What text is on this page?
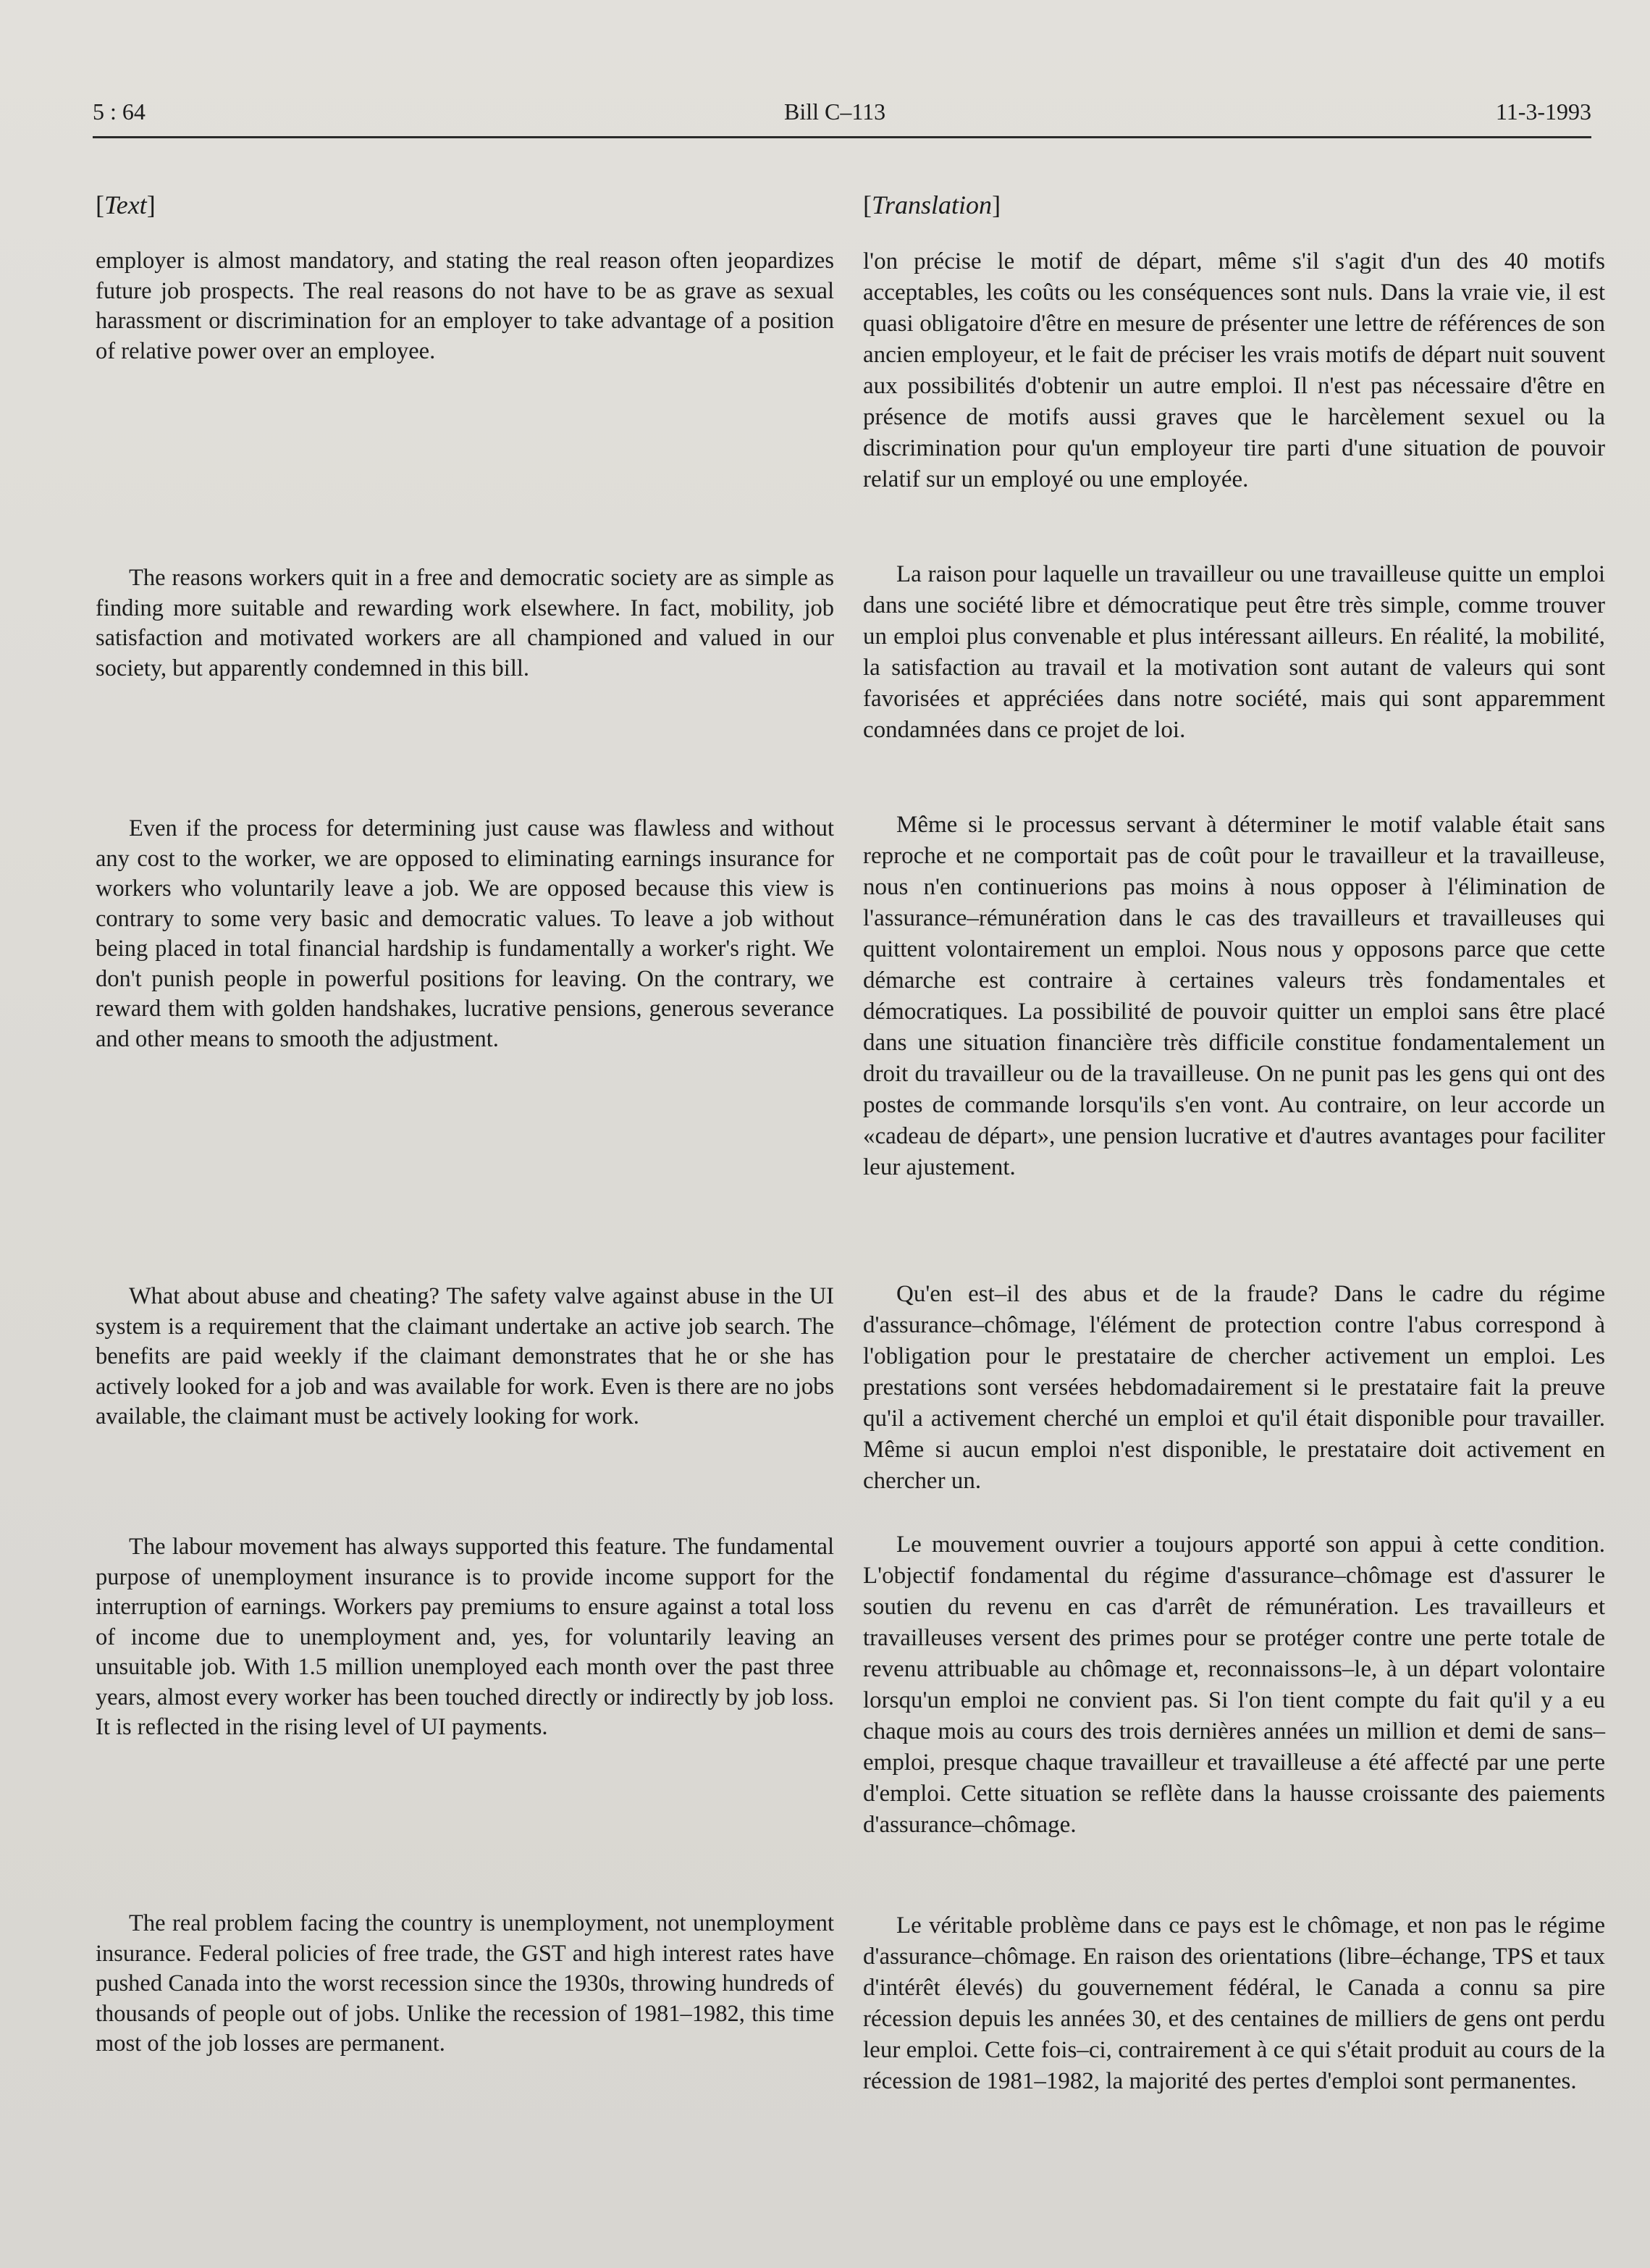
5 : 64	Bill C–113	11-3-1993
[ Text ]

employer is almost mandatory, and stating the real reason often jeopardizes future job prospects. The real reasons do not have to be as grave as sexual harassment or discrimination for an employer to take advantage of a position of relative power over an employee.

The reasons workers quit in a free and democratic society are as simple as finding more suitable and rewarding work elsewhere. In fact, mobility, job satisfaction and motivated workers are all championed and valued in our society, but apparently condemned in this bill.

Even if the process for determining just cause was flawless and without any cost to the worker, we are opposed to eliminating earnings insurance for workers who voluntarily leave a job. We are opposed because this view is contrary to some very basic and democratic values. To leave a job without being placed in total financial hardship is fundamentally a worker's right. We don't punish people in powerful positions for leaving. On the contrary, we reward them with golden handshakes, lucrative pensions, generous severance and other means to smooth the adjustment.

What about abuse and cheating? The safety valve against abuse in the UI system is a requirement that the claimant undertake an active job search. The benefits are paid weekly if the claimant demonstrates that he or she has actively looked for a job and was available for work. Even is there are no jobs available, the claimant must be actively looking for work.

The labour movement has always supported this feature. The fundamental purpose of unemployment insurance is to provide income support for the interruption of earnings. Workers pay premiums to ensure against a total loss of income due to unemployment and, yes, for voluntarily leaving an unsuitable job. With 1.5 million unemployed each month over the past three years, almost every worker has been touched directly or indirectly by job loss. It is reflected in the rising level of UI payments.

The real problem facing the country is unemployment, not unemployment insurance. Federal policies of free trade, the GST and high interest rates have pushed Canada into the worst recession since the 1930s, throwing hundreds of thousands of people out of jobs. Unlike the recession of 1981–1982, this time most of the job losses are permanent.

[ Translation ]

l'on précise le motif de départ, même s'il s'agit d'un des 40 motifs acceptables, les coûts ou les conséquences sont nuls. Dans la vraie vie, il est quasi obligatoire d'être en mesure de présenter une lettre de références de son ancien employeur, et le fait de préciser les vrais motifs de départ nuit souvent aux possibilités d'obtenir un autre emploi. Il n'est pas nécessaire d'être en présence de motifs aussi graves que le harcèlement sexuel ou la discrimination pour qu'un employeur tire parti d'une situation de pouvoir relatif sur un employé ou une employée.

La raison pour laquelle un travailleur ou une travailleuse quitte un emploi dans une société libre et démocratique peut être très simple, comme trouver un emploi plus convenable et plus intéressant ailleurs. En réalité, la mobilité, la satisfaction au travail et la motivation sont autant de valeurs qui sont favorisées et appréciées dans notre société, mais qui sont apparemment condamnées dans ce projet de loi.

Même si le processus servant à déterminer le motif valable était sans reproche et ne comportait pas de coût pour le travailleur et la travailleuse, nous n'en continuerions pas moins à nous opposer à l'élimination de l'assurance–rémunération dans le cas des travailleurs et travailleuses qui quittent volontairement un emploi. Nous nous y opposons parce que cette démarche est contraire à certaines valeurs très fondamentales et démocratiques. La possibilité de pouvoir quitter un emploi sans être placé dans une situation financière très difficile constitue fondamentalement un droit du travailleur ou de la travailleuse. On ne punit pas les gens qui ont des postes de commande lorsqu'ils s'en vont. Au contraire, on leur accorde un «cadeau de départ», une pension lucrative et d'autres avantages pour faciliter leur ajustement.

Qu'en est–il des abus et de la fraude? Dans le cadre du régime d'assurance–chômage, l'élément de protection contre l'abus correspond à l'obligation pour le prestataire de chercher activement un emploi. Les prestations sont versées hebdomadairement si le prestataire fait la preuve qu'il a activement cherché un emploi et qu'il était disponible pour travailler. Même si aucun emploi n'est disponible, le prestataire doit activement en chercher un.

Le mouvement ouvrier a toujours apporté son appui à cette condition. L'objectif fondamental du régime d'assurance–chômage est d'assurer le soutien du revenu en cas d'arrêt de rémunération. Les travailleurs et travailleuses versent des primes pour se protéger contre une perte totale de revenu attribuable au chômage et, reconnaissons–le, à un départ volontaire lorsqu'un emploi ne convient pas. Si l'on tient compte du fait qu'il y a eu chaque mois au cours des trois dernières années un million et demi de sans–emploi, presque chaque travailleur et travailleuse a été affecté par une perte d'emploi. Cette situation se reflète dans la hausse croissante des paiements d'assurance–chômage.

Le véritable problème dans ce pays est le chômage, et non pas le régime d'assurance–chômage. En raison des orientations (libre–échange, TPS et taux d'intérêt élevés) du gouvernement fédéral, le Canada a connu sa pire récession depuis les années 30, et des centaines de milliers de gens ont perdu leur emploi. Cette fois–ci, contrairement à ce qui s'était produit au cours de la récession de 1981–1982, la majorité des pertes d'emploi sont permanentes.
